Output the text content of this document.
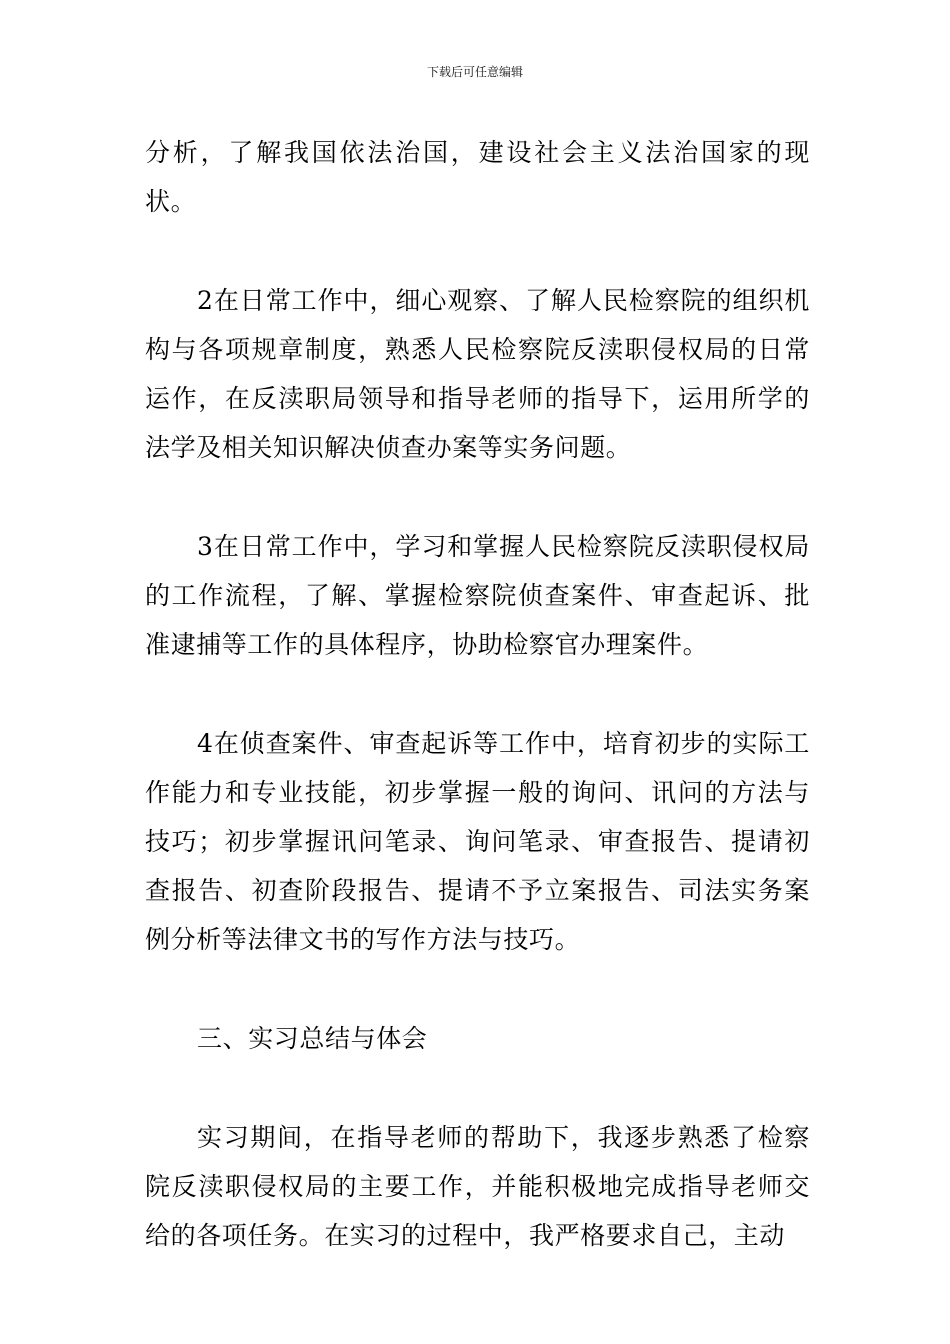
下载后可任意编辑

分析，了解我国依法治国，建设社会主义法治国家的现状。

2在日常工作中，细心观察、了解人民检察院的组织机构与各项规章制度，熟悉人民检察院反渎职侵权局的日常运作，在反渎职局领导和指导老师的指导下，运用所学的法学及相关知识解决侦查办案等实务问题。

3在日常工作中，学习和掌握人民检察院反渎职侵权局的工作流程，了解、掌握检察院侦查案件、审查起诉、批准逮捕等工作的具体程序，协助检察官办理案件。

4在侦查案件、审查起诉等工作中，培育初步的实际工作能力和专业技能，初步掌握一般的询问、讯问的方法与技巧；初步掌握讯问笔录、询问笔录、审查报告、提请初查报告、初查阶段报告、提请不予立案报告、司法实务案例分析等法律文书的写作方法与技巧。

三、实习总结与体会

实习期间，在指导老师的帮助下，我逐步熟悉了检察院反渎职侵权局的主要工作，并能积极地完成指导老师交给的各项任务。在实习的过程中，我严格要求自己，主动
